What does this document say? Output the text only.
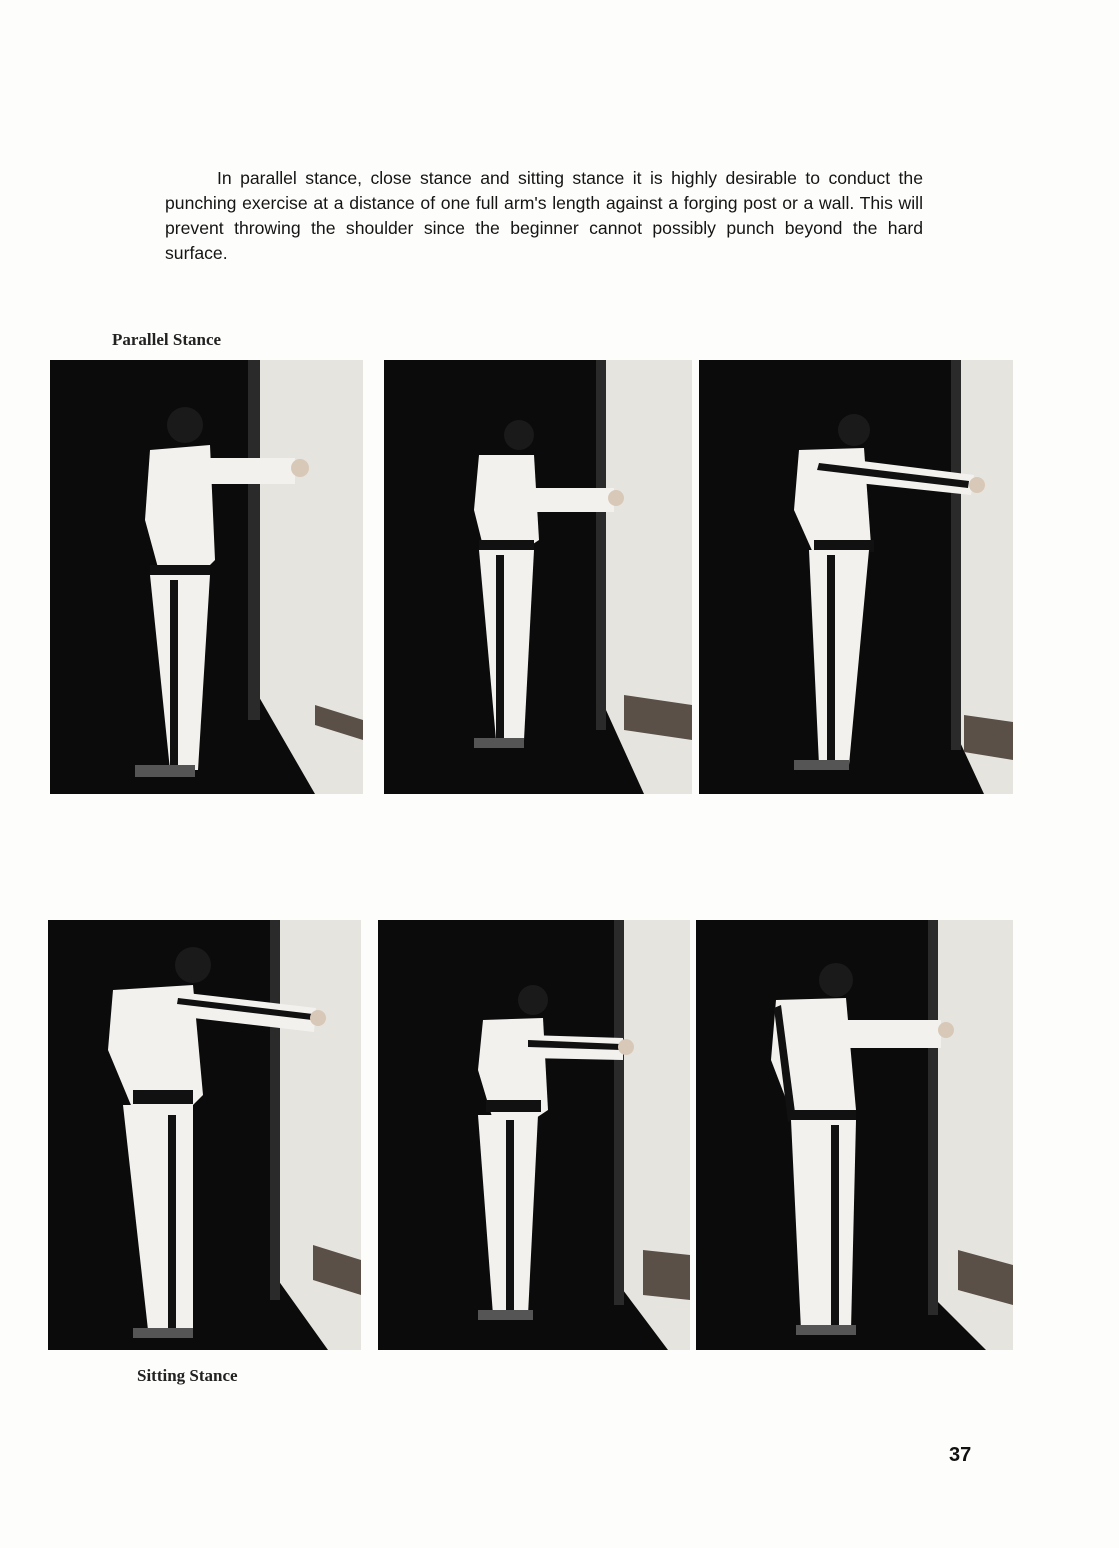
In parallel stance, close stance and sitting stance it is highly desirable to conduct the punching exercise at a distance of one full arm's length against a forging post or a wall. This will prevent throwing the shoulder since the beginner cannot possibly punch beyond the hard surface.

Parallel Stance
Sitting Stance
37
